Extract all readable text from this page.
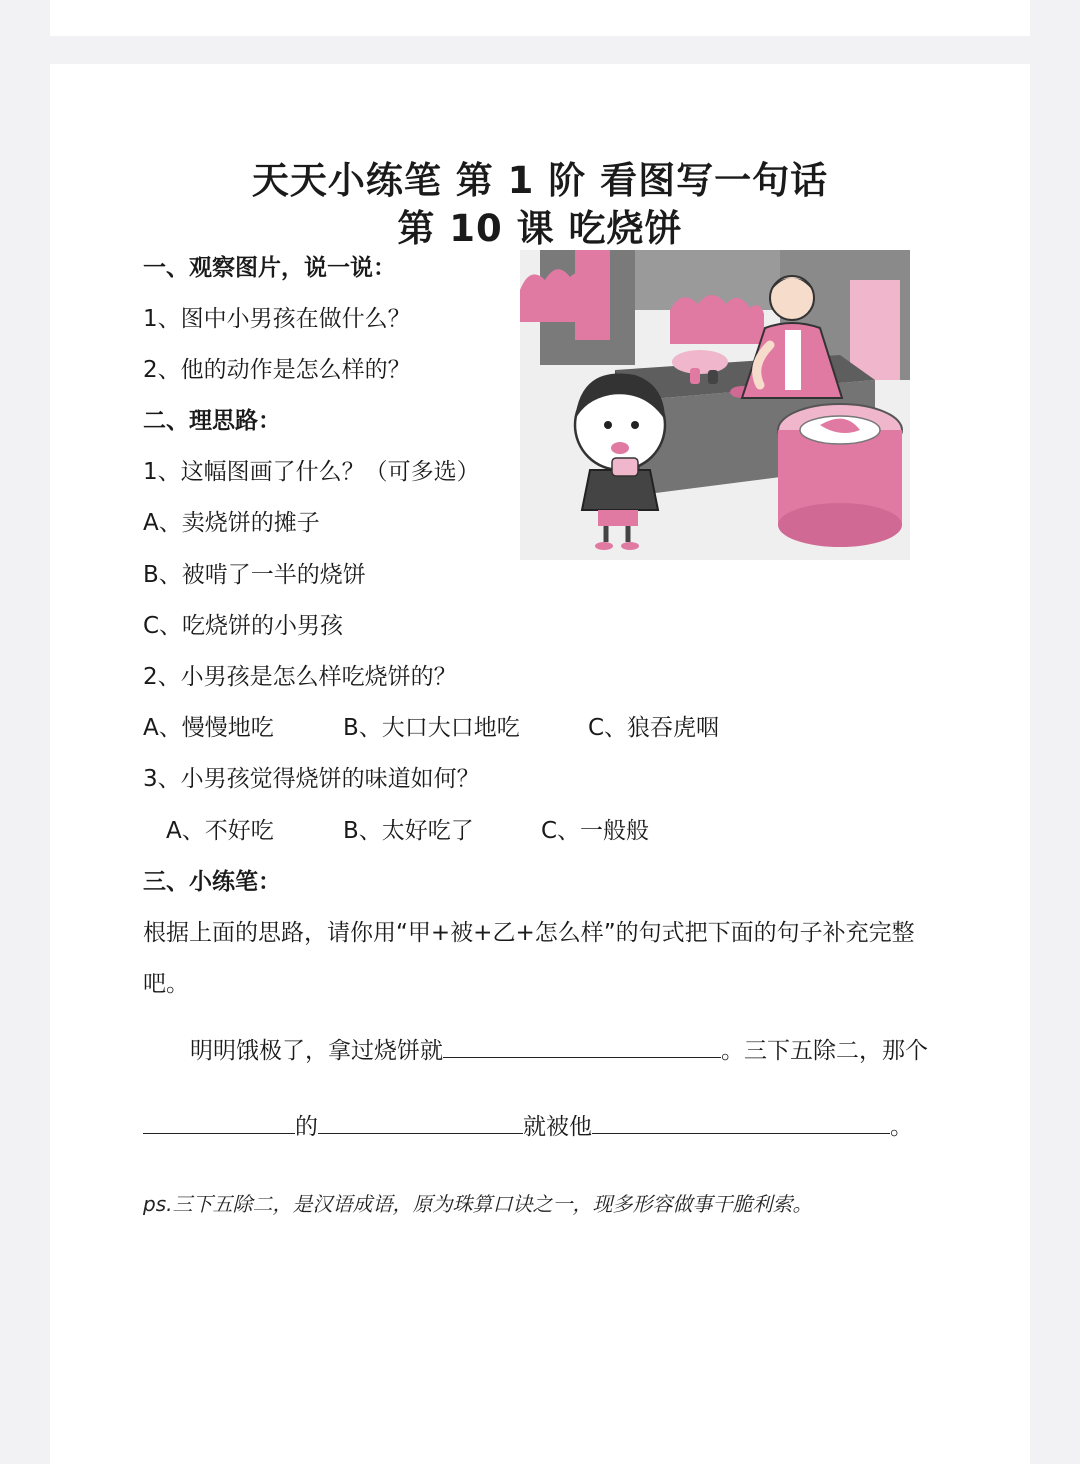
天天小练笔 第 1 阶 看图写一句话
第 10 课 吃烧饼
一、观察图片，说一说：
1、图中小男孩在做什么？
2、他的动作是怎么样的？
二、理思路：
1、这幅图画了什么？（可多选）
A、卖烧饼的摊子
B、被啃了一半的烧饼
C、吃烧饼的小男孩
2、小男孩是怎么样吃烧饼的？
A、慢慢地吃	B、大口大口地吃	C、狼吞虎咽
3、小男孩觉得烧饼的味道如何？
A、不好吃	B、太好吃了	C、一般般
三、小练笔：
根据上面的思路，请你用“甲+被+乙+怎么样”的句式把下面的句子补充完整
吧。
明明饿极了，拿过烧饼就	。三下五除二，那个
的	就被他	。
ps.三下五除二，是汉语成语，原为珠算口诀之一，现多形容做事干脆利索。
